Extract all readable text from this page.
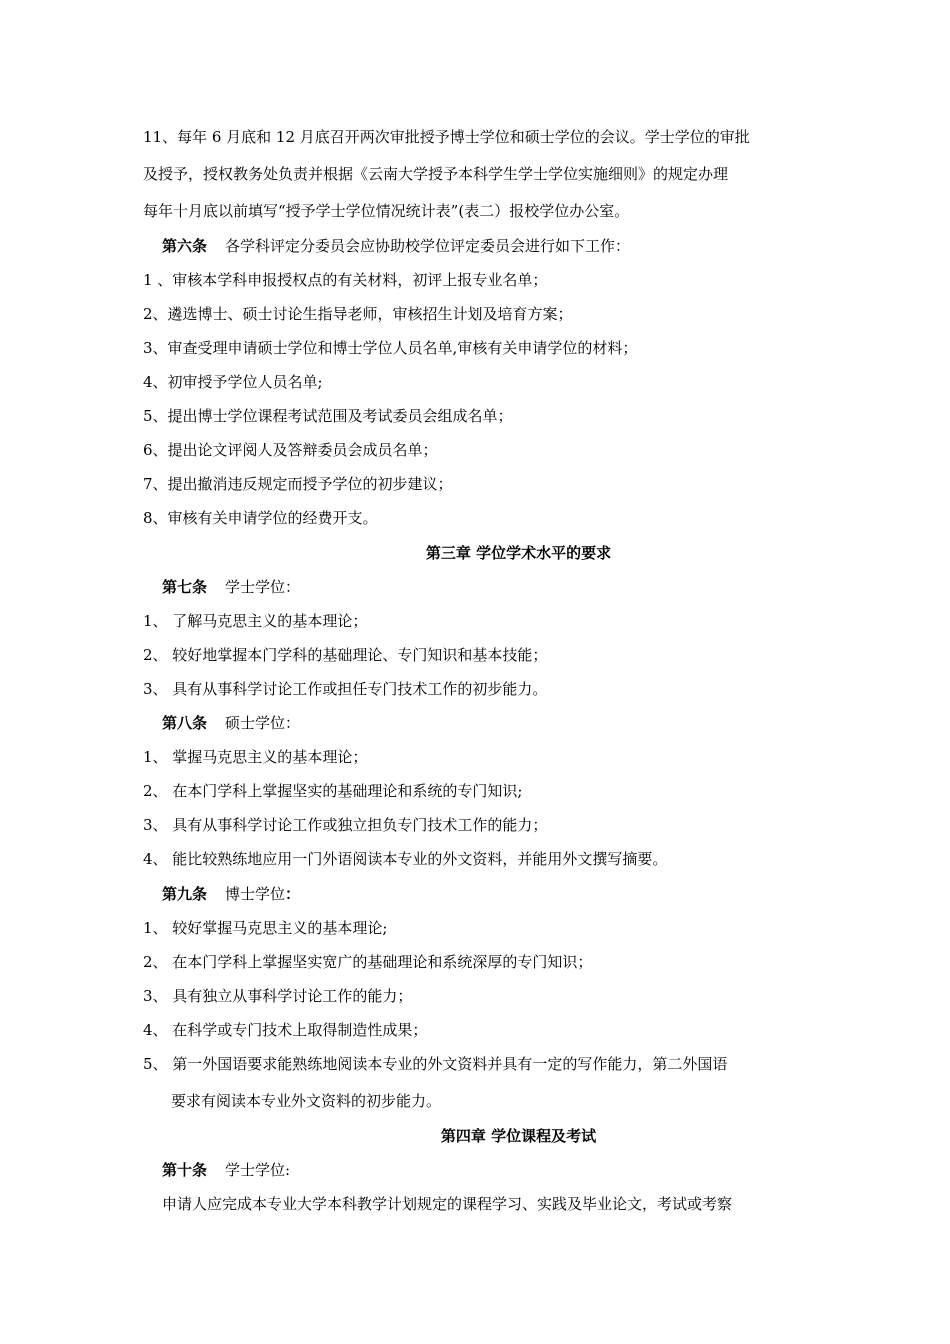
11、每年 6 月底和 12 月底召开两次审批授予博士学位和硕士学位的会议。学士学位的审批
及授予，授权教务处负责并根据《云南大学授予本科学生学士学位实施细则》的规定办理
每年十月底以前填写“授予学士学位情况统计表”(表二）报校学位办公室。
第六条 各学科评定分委员会应协助校学位评定委员会进行如下工作：
1 、审核本学科申报授权点的有关材料，初评上报专业名单；
2、遴选博士、硕士讨论生指导老师，审核招生计划及培育方案；
3、审查受理申请硕士学位和博士学位人员名单,审核有关申请学位的材料；
4、初审授予学位人员名单;
5、提出博士学位课程考试范围及考试委员会组成名单；
6、提出论文评阅人及答辩委员会成员名单；
7、提出撤消违反规定而授予学位的初步建议；
8、审核有关申请学位的经费开支。
第三章 学位学术水平的要求
第七条 学士学位：
1、 了解马克思主义的基本理论；
2、 较好地掌握本门学科的基础理论、专门知识和基本技能；
3、 具有从事科学讨论工作或担任专门技术工作的初步能力。
第八条 硕士学位：
1、 掌握马克思主义的基本理论；
2、 在本门学科上掌握坚实的基础理论和系统的专门知识;
3、 具有从事科学讨论工作或独立担负专门技术工作的能力；
4、 能比较熟练地应用一门外语阅读本专业的外文资料，并能用外文撰写摘要。
第九条 博士学位：
1、 较好掌握马克思主义的基本理论;
2、 在本门学科上掌握坚实宽广的基础理论和系统深厚的专门知识；
3、 具有独立从事科学讨论工作的能力；
4、 在科学或专门技术上取得制造性成果；
5、 第一外国语要求能熟练地阅读本专业的外文资料并具有一定的写作能力，第二外国语
要求有阅读本专业外文资料的初步能力。
第四章 学位课程及考试
第十条 学士学位:
申请人应完成本专业大学本科教学计划规定的课程学习、实践及毕业论文，考试或考察
